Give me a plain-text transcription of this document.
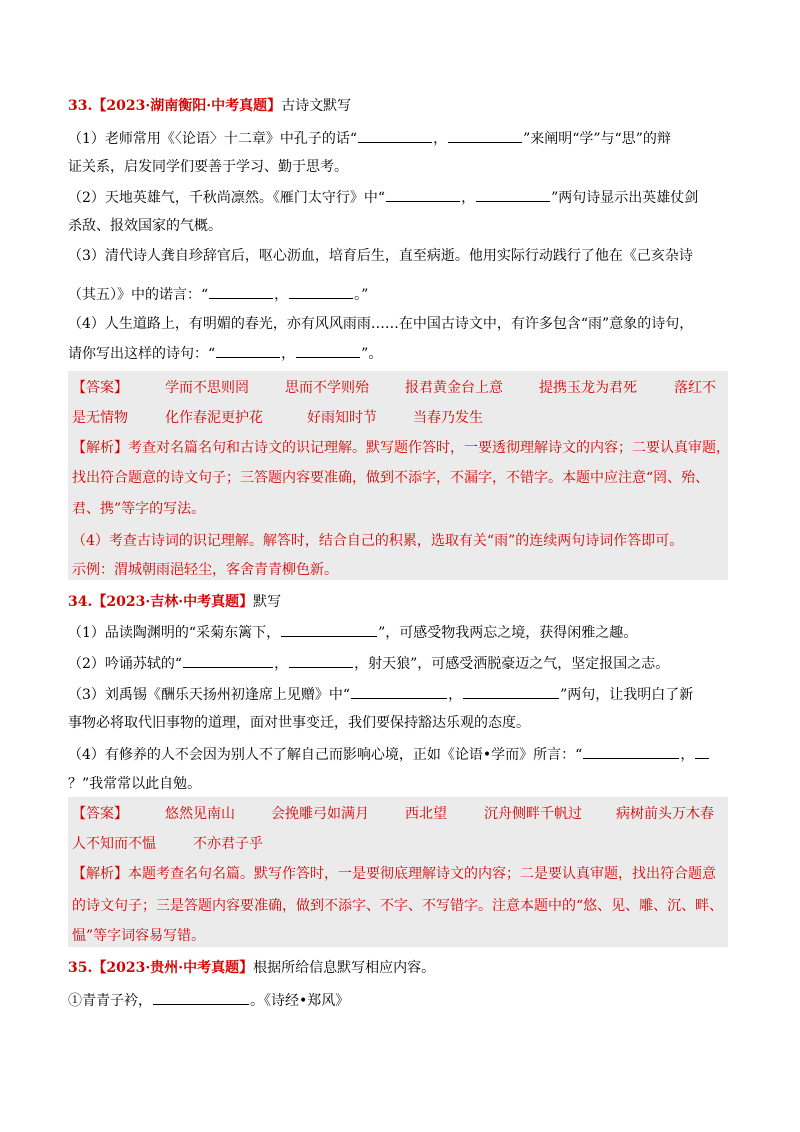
33.【2023·湖南衡阳·中考真题】古诗文默写
（1）老师常用《〈论语〉十二章》中孔子的话“	，	”来阐明“学”与“思”的辩
证关系，启发同学们要善于学习、勤于思考。
（2）天地英雄气，千秋尚凛然。《雁门太守行》中“	，	”两句诗显示出英雄仗剑
杀敌、报效国家的气概。
（3）清代诗人龚自珍辞官后，呕心沥血，培育后生，直至病逝。他用实际行动践行了他在《己亥杂诗
（其五）》中的诺言：“	，	。”
（4）人生道路上，有明媚的春光，亦有风风雨雨……在中国古诗文中，有许多包含“雨”意象的诗句，
请你写出这样的诗句：“	，	”。
【答案】	学而不思则罔	思而不学则殆	报君黄金台上意	提携玉龙为君死	落红不
是无情物	化作春泥更护花	好雨知时节	当春乃发生
【解析】考查对名篇名句和古诗文的识记理解。默写题作答时，一要透彻理解诗文的内容；二要认真审题，
找出符合题意的诗文句子；三答题内容要准确，做到不添字，不漏字，不错字。本题中应注意“罔、殆、
君、携”等字的写法。
（4）考查古诗词的识记理解。解答时，结合自己的积累，选取有关“雨”的连续两句诗词作答即可。
示例：渭城朝雨浥轻尘，客舍青青柳色新。
34.【2023·吉林·中考真题】默写
（1）品读陶渊明的“采菊东篱下，	”，可感受物我两忘之境，获得闲雅之趣。
（2）吟诵苏轼的“	，	，射天狼”，可感受洒脱豪迈之气，坚定报国之志。
（3）刘禹锡《酬乐天扬州初逢席上见赠》中“	，	”两句，让我明白了新
事物必将取代旧事物的道理，面对世事变迁，我们要保持豁达乐观的态度。
（4）有修养的人不会因为别人不了解自己而影响心境，正如《论语•学而》所言：“	，
？”我常常以此自勉。
【答案】	悠然见南山	会挽雕弓如满月	西北望	沉舟侧畔千帆过 病树前头万木春
人不知而不愠	不亦君子乎
【解析】本题考查名句名篇。默写作答时，一是要彻底理解诗文的内容；二是要认真审题，找出符合题意
的诗文句子；三是答题内容要准确，做到不添字、不字、不写错字。注意本题中的“悠、见、雕、沉、畔、
愠”等字词容易写错。
35.【2023·贵州·中考真题】根据所给信息默写相应内容。
①青青子衿，	。《诗经•郑风》
